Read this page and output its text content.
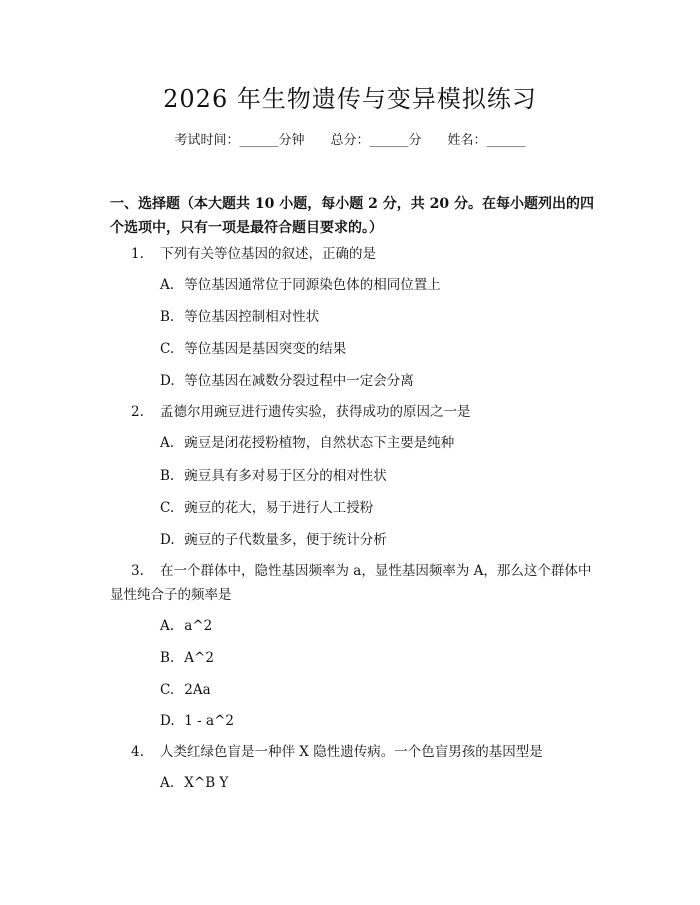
2026 年生物遗传与变异模拟练习
考试时间：______分钟 总分：______分 姓名：______
一、选择题（本大题共 10 小题，每小题 2 分，共 20 分。在每小题列出的四个选项中，只有一项是最符合题目要求的。）
1. 下列有关等位基因的叙述，正确的是
A. 等位基因通常位于同源染色体的相同位置上
B. 等位基因控制相对性状
C. 等位基因是基因突变的结果
D. 等位基因在减数分裂过程中一定会分离
2. 孟德尔用豌豆进行遗传实验，获得成功的原因之一是
A. 豌豆是闭花授粉植物，自然状态下主要是纯种
B. 豌豆具有多对易于区分的相对性状
C. 豌豆的花大，易于进行人工授粉
D. 豌豆的子代数量多，便于统计分析
3. 在一个群体中，隐性基因频率为 a，显性基因频率为 A，那么这个群体中
显性纯合子的频率是
A. a^2
B. A^2
C. 2Aa
D. 1 - a^2
4. 人类红绿色盲是一种伴 X 隐性遗传病。一个色盲男孩的基因型是
A. X^B Y
